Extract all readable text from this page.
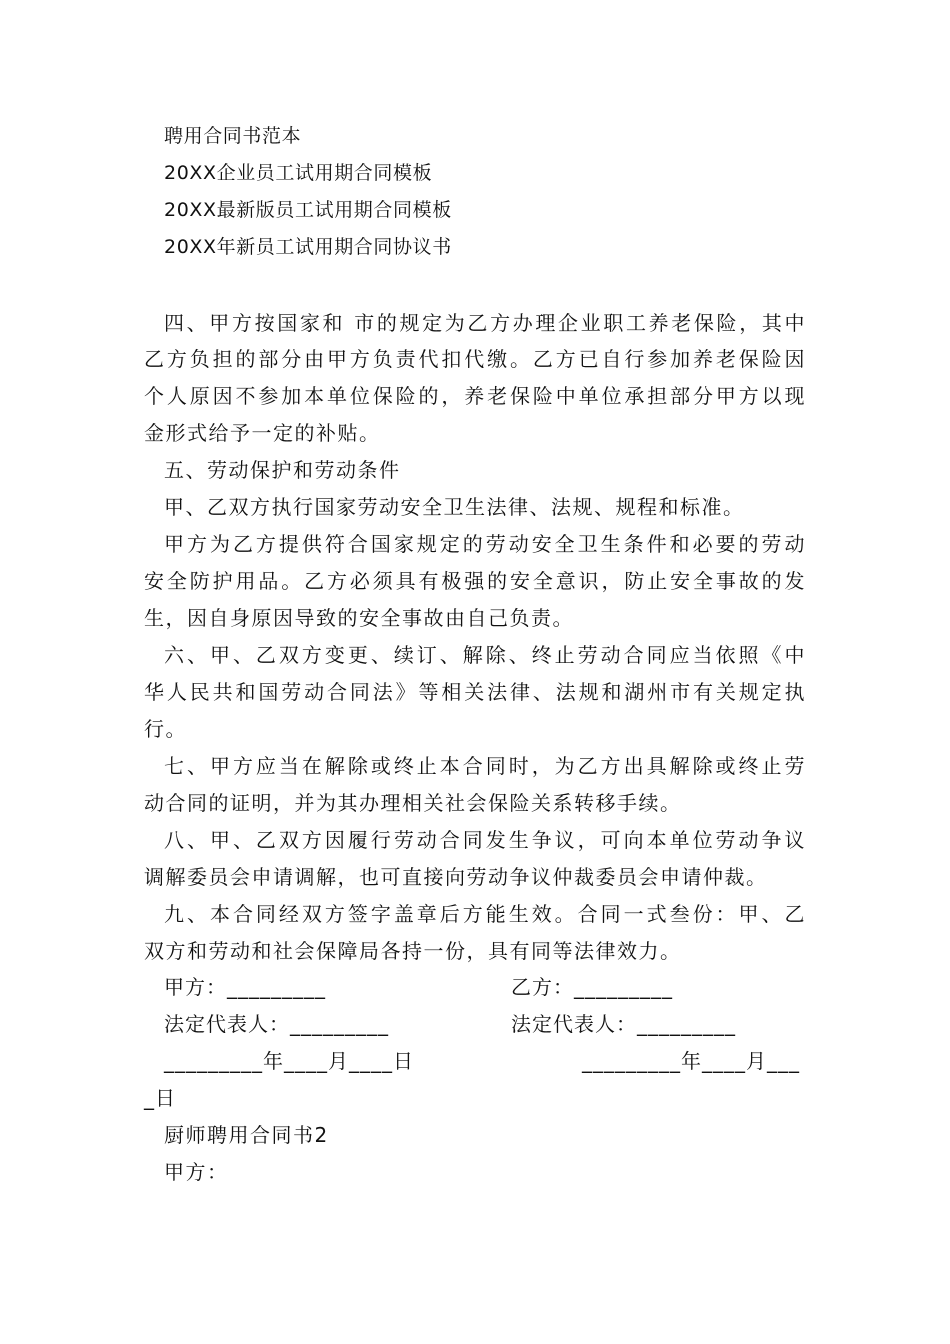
聘用合同书范本
20XX企业员工试用期合同模板
20XX最新版员工试用期合同模板
20XX年新员工试用期合同协议书
四、甲方按国家和 市的规定为乙方办理企业职工养老保险，其中
乙方负担的部分由甲方负责代扣代缴。乙方已自行参加养老保险因
个人原因不参加本单位保险的，养老保险中单位承担部分甲方以现
金形式给予一定的补贴。
五、劳动保护和劳动条件
甲、乙双方执行国家劳动安全卫生法律、法规、规程和标准。
甲方为乙方提供符合国家规定的劳动安全卫生条件和必要的劳动
安全防护用品。乙方必须具有极强的安全意识，防止安全事故的发
生，因自身原因导致的安全事故由自己负责。
六、甲、乙双方变更、续订、解除、终止劳动合同应当依照《中
华人民共和国劳动合同法》等相关法律、法规和湖州市有关规定执
行。
七、甲方应当在解除或终止本合同时，为乙方出具解除或终止劳
动合同的证明，并为其办理相关社会保险关系转移手续。
八、甲、乙双方因履行劳动合同发生争议，可向本单位劳动争议
调解委员会申请调解，也可直接向劳动争议仲裁委员会申请仲裁。
九、本合同经双方签字盖章后方能生效。合同一式叁份：甲、乙
双方和劳动和社会保障局各持一份，具有同等法律效力。
甲方：_________	乙方：_________
法定代表人：_________	法定代表人：_________
_________年____月____日	_________年____月___
_日
厨师聘用合同书2
甲方：
